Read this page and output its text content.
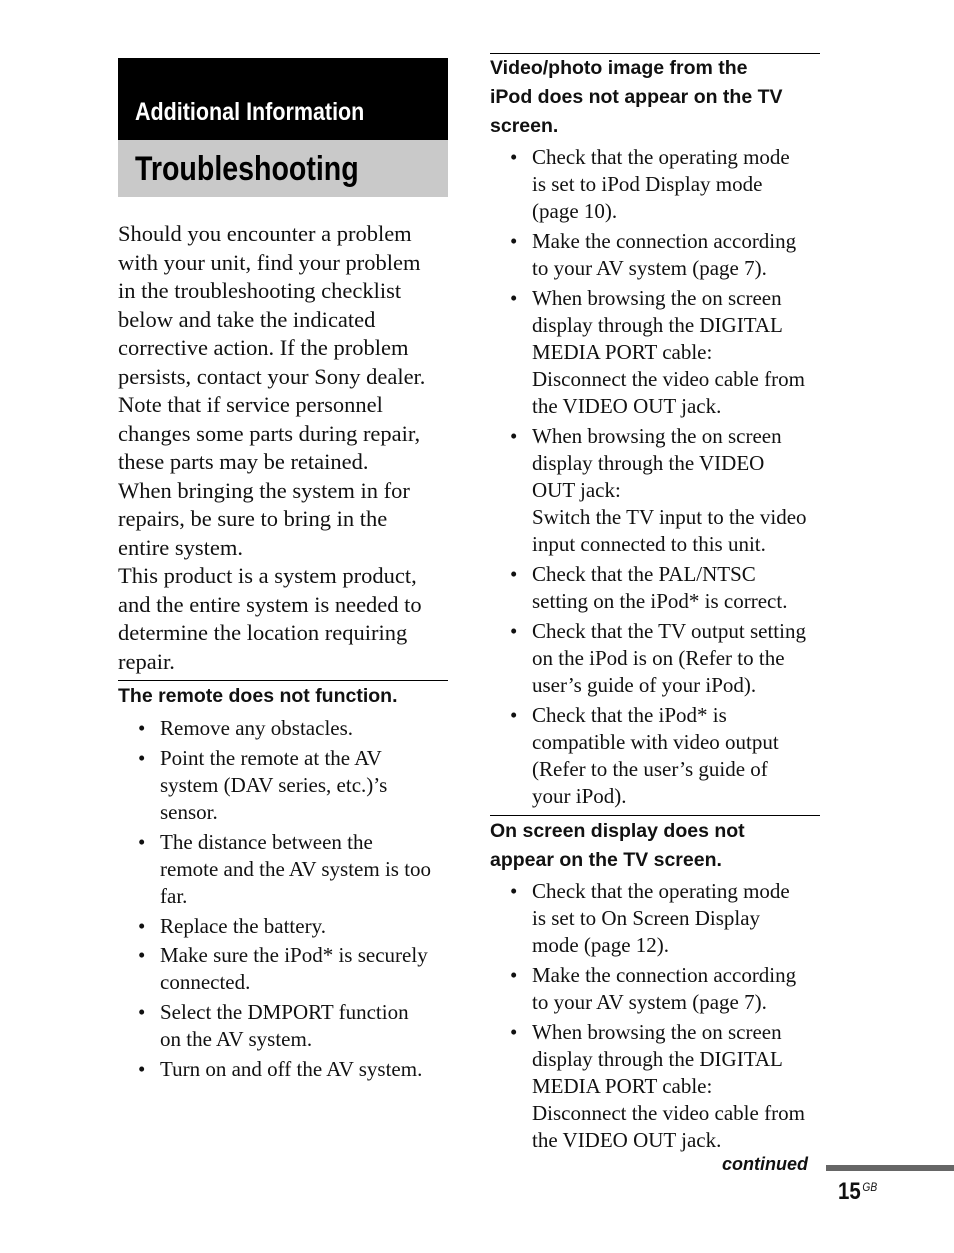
Additional Information
Troubleshooting
Should you encounter a problem
with your unit, find your problem
in the troubleshooting checklist
below and take the indicated
corrective action. If the problem
persists, contact your Sony dealer.
Note that if service personnel
changes some parts during repair,
these parts may be retained.
When bringing the system in for
repairs, be sure to bring in the
entire system.
This product is a system product,
and the entire system is needed to
determine the location requiring
repair.
The remote does not function.
• Remove any obstacles.
• Point the remote at the AV
system (DAV series, etc.)’s
sensor.
• The distance between the
remote and the AV system is too
far.
• Replace the battery.
• Make sure the iPod* is securely
connected.
• Select the DMPORT function
on the AV system.
• Turn on and off the AV system.
Video/photo image from the
iPod does not appear on the TV
screen.
• Check that the operating mode
is set to iPod Display mode
(page 10).
• Make the connection according
to your AV system (page 7).
• When browsing the on screen
display through the DIGITAL
MEDIA PORT cable:
Disconnect the video cable from
the VIDEO OUT jack.
• When browsing the on screen
display through the VIDEO
OUT jack:
Switch the TV input to the video
input connected to this unit.
• Check that the PAL/NTSC
setting on the iPod* is correct.
• Check that the TV output setting
on the iPod is on (Refer to the
user’s guide of your iPod).
• Check that the iPod* is
compatible with video output
(Refer to the user’s guide of
your iPod).
On screen display does not
appear on the TV screen.
• Check that the operating mode
is set to On Screen Display
mode (page 12).
• Make the connection according
to your AV system (page 7).
• When browsing the on screen
display through the DIGITAL
MEDIA PORT cable:
Disconnect the video cable from
the VIDEO OUT jack.
continued
15 $^{GB}$
